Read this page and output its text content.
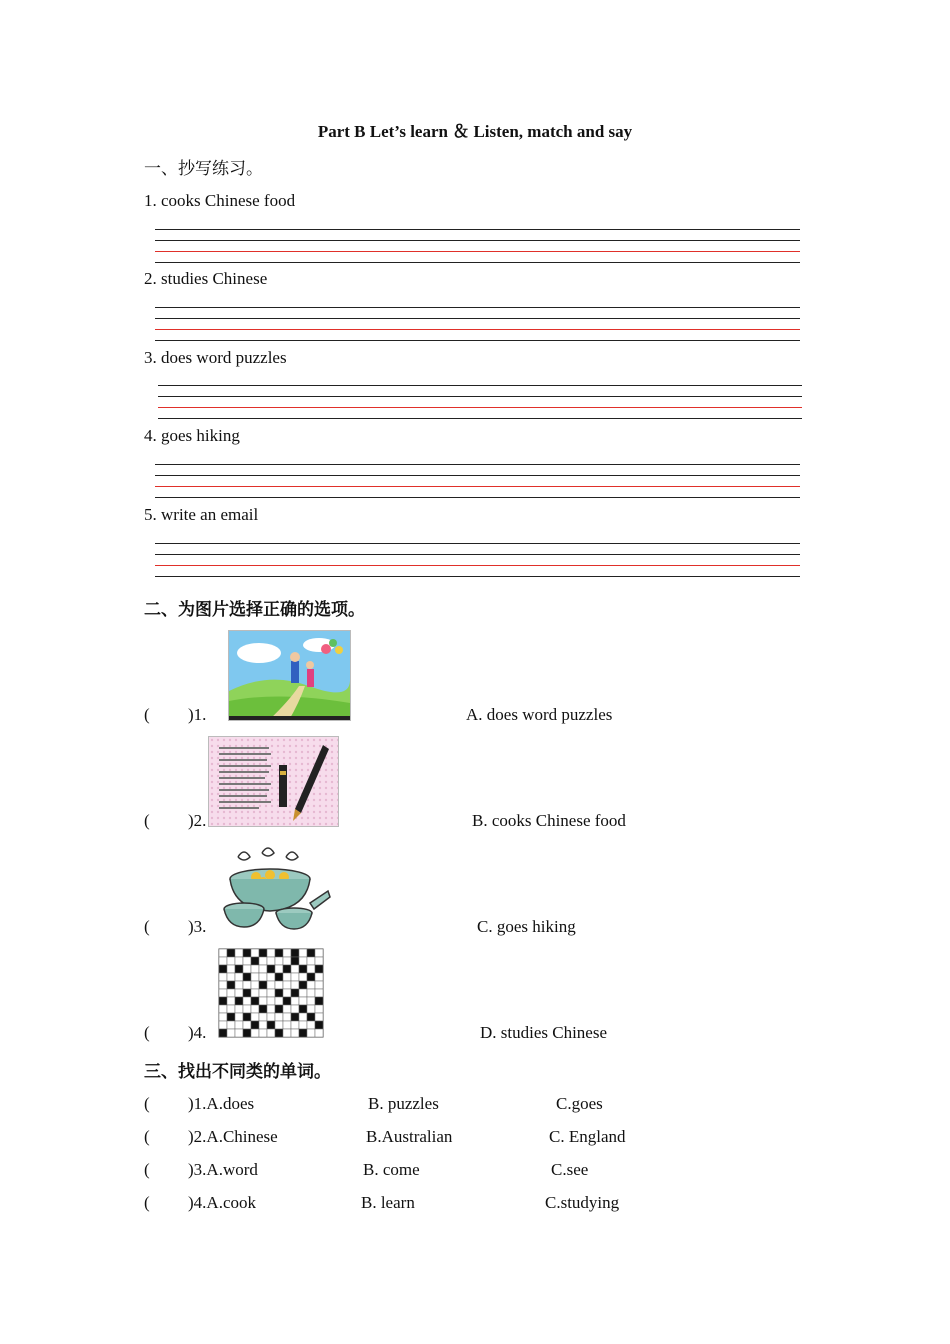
Part B Let’s learn ＆ Listen, match and say
一、抄写练习。
1. cooks Chinese food
2. studies Chinese
3. does word puzzles
4. goes hiking
5. write an email
二、为图片选择正确的选项。
( )1.	A. does word puzzles
( )2.	B. cooks Chinese food
( )3.	C. goes hiking
( )4.	D. studies Chinese
三、找出不同类的单词。
( )1.A.does	B. puzzles	C.goes
( )2.A.Chinese	B.Australian	C. England
( )3.A.word	B. come	C.see
( )4.A.cook	B. learn	C.studying
